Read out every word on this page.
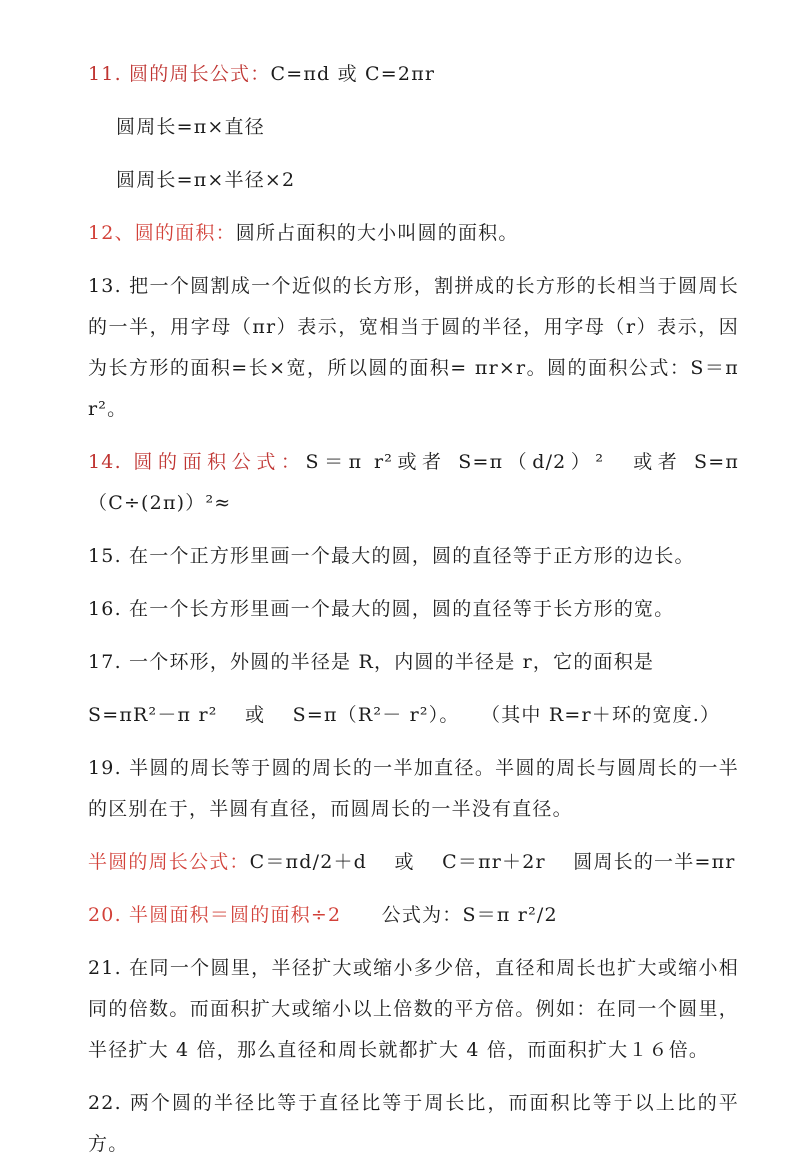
11. 圆的周长公式：C=πd 或 C=2πr

圆周长=π×直径

圆周长=π×半径×2

12、圆的面积：圆所占面积的大小叫圆的面积。

13. 把一个圆割成一个近似的长方形，割拼成的长方形的长相当于圆周长的一半，用字母（πr）表示，宽相当于圆的半径，用字母（r）表示，因为长方形的面积=长×宽，所以圆的面积= πr×r。圆的面积公式：S＝π r²。

14. 圆的面积公式：S＝π r²或者 S=π（d/2）²　或者 S=π（C÷(2π)）²≈

15. 在一个正方形里画一个最大的圆，圆的直径等于正方形的边长。

16. 在一个长方形里画一个最大的圆，圆的直径等于长方形的宽。

17. 一个环形，外圆的半径是 R，内圆的半径是 r，它的面积是

S=πR²－π r²　 或　 S=π（R²－ r²）。　　（其中 R=r＋环的宽度.）

19. 半圆的周长等于圆的周长的一半加直径。半圆的周长与圆周长的一半的区别在于，半圆有直径，而圆周长的一半没有直径。

半圆的周长公式：C＝πd/2＋d　 或　 C＝πr＋2r　 圆周长的一半=πr

20. 半圆面积＝圆的面积÷2　　公式为：S＝π r²/2

21. 在同一个圆里，半径扩大或缩小多少倍，直径和周长也扩大或缩小相同的倍数。而面积扩大或缩小以上倍数的平方倍。例如：在同一个圆里，半径扩大 4 倍，那么直径和周长就都扩大 4 倍，而面积扩大１６倍。

22. 两个圆的半径比等于直径比等于周长比，而面积比等于以上比的平方。
